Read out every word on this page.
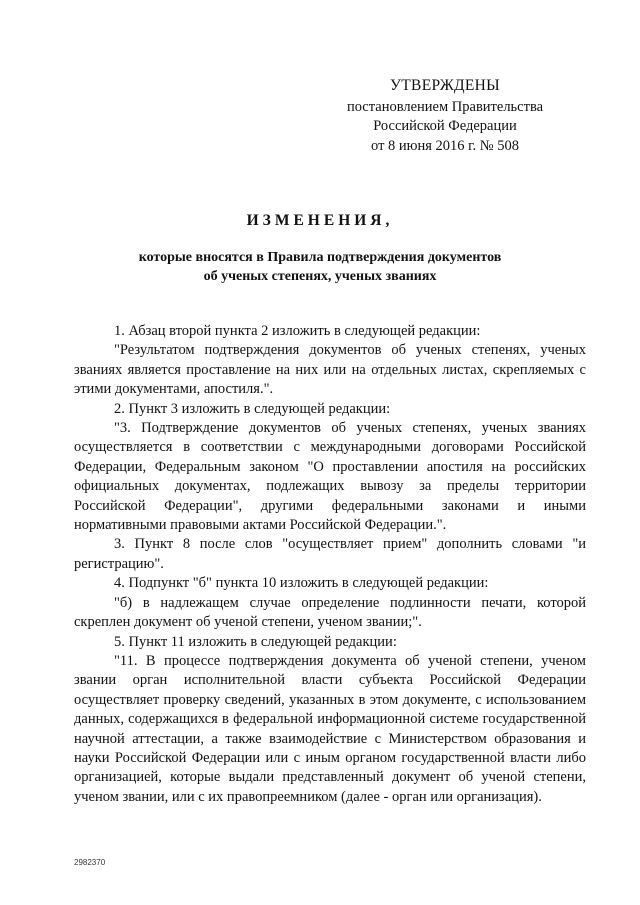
УТВЕРЖДЕНЫ
постановлением Правительства
Российской Федерации
от 8 июня 2016 г. № 508
ИЗМЕНЕНИЯ,
которые вносятся в Правила подтверждения документов
об ученых степенях, ученых званиях

1. Абзац второй пункта 2 изложить в следующей редакции:

"Результатом подтверждения документов об ученых степенях, ученых званиях является проставление на них или на отдельных листах, скрепляемых с этими документами, апостиля.".

2. Пункт 3 изложить в следующей редакции:

"3. Подтверждение документов об ученых степенях, ученых званиях осуществляется в соответствии с международными договорами Российской Федерации, Федеральным законом "О проставлении апостиля на российских официальных документах, подлежащих вывозу за пределы территории Российской Федерации", другими федеральными законами и иными нормативными правовыми актами Российской Федерации.".

3. Пункт 8 после слов "осуществляет прием" дополнить словами "и регистрацию".

4. Подпункт "б" пункта 10 изложить в следующей редакции:

"б) в надлежащем случае определение подлинности печати, которой скреплен документ об ученой степени, ученом звании;".

5. Пункт 11 изложить в следующей редакции:

"11. В процессе подтверждения документа об ученой степени, ученом звании орган исполнительной власти субъекта Российской Федерации осуществляет проверку сведений, указанных в этом документе, с использованием данных, содержащихся в федеральной информационной системе государственной научной аттестации, а также взаимодействие с Министерством образования и науки Российской Федерации или с иным органом государственной власти либо организацией, которые выдали представленный документ об ученой степени, ученом звании, или с их правопреемником (далее - орган или организация).

2982370
